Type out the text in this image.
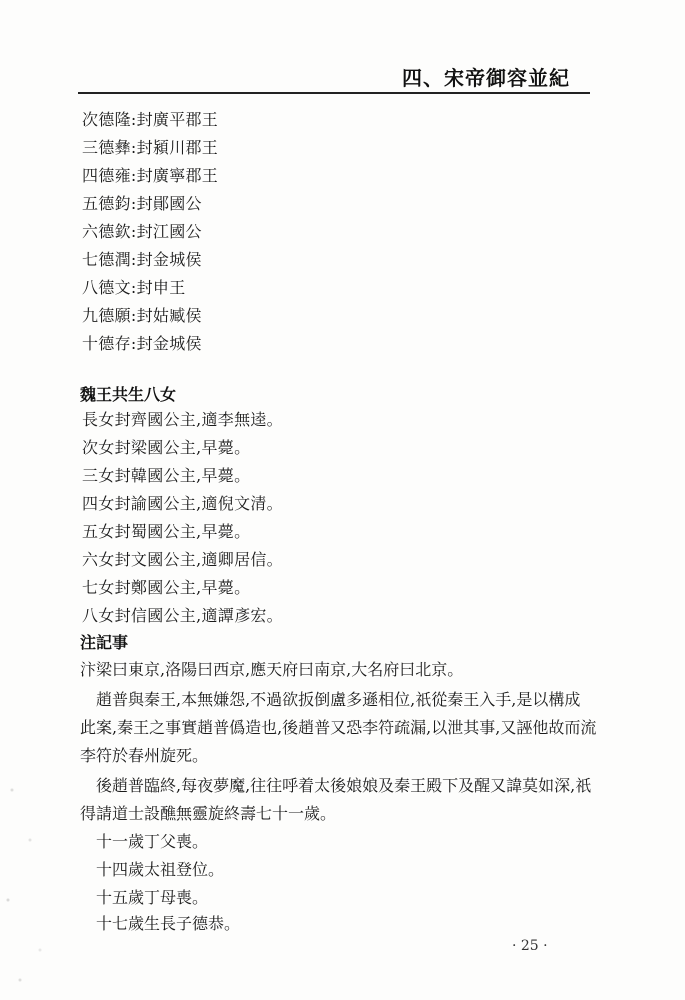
四、宋帝御容並紀
次德隆:封廣平郡王
三德彝:封潁川郡王
四德雍:封廣寧郡王
五德鈞:封鄖國公
六德欽:封江國公
七德潤:封金城侯
八德文:封申王
九德願:封姑臧侯
十德存:封金城侯
魏王共生八女
長女封齊國公主,適李無逵。
次女封梁國公主,早薨。
三女封韓國公主,早薨。
四女封諭國公主,適倪文清。
五女封蜀國公主,早薨。
六女封文國公主,適卿居信。
七女封鄭國公主,早薨。
八女封信國公主,適譚彥宏。
注記事
汴梁曰東京,洛陽曰西京,應天府曰南京,大名府曰北京。
趙普與秦王,本無嫌怨,不過欲扳倒盧多遜相位,祇從秦王入手,是以構成
此案,秦王之事實趙普僞造也,後趙普又恐李符疏漏,以泄其事,又誣他故而流
李符於春州旋死。
後趙普臨終,每夜夢魔,往往呼着太後娘娘及秦王殿下及醒又諱莫如深,祇
得請道士設醮無靈旋終壽七十一歲。
十一歲丁父喪。
十四歲太祖登位。
十五歲丁母喪。
十七歲生長子德恭。
· 25 ·
